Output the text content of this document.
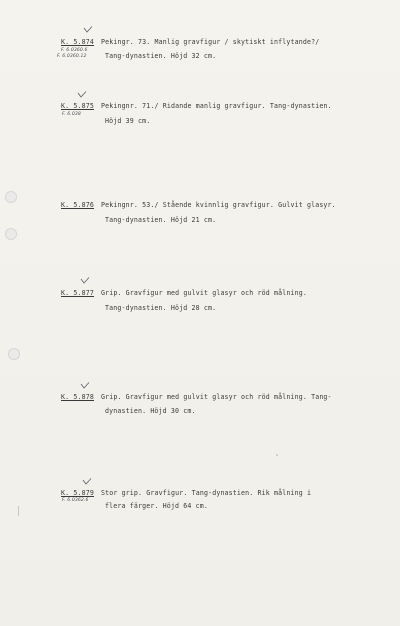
K. 5.874 Pekingr. 73. Manlig gravfigur / skytiskt inflytande?/
Tang-dynastien. Höjd 32 cm.
F. 6.0360.6
F. 6.0360.12
K. 5.875 Pekingnr. 71./ Ridande manlig gravfigur. Tang-dynastien.
Höjd 39 cm.
F. 6.038
K. 5.876 Pekingnr. 53./ Stående kvinnlig gravfigur. Gulvit glasyr.
Tang-dynastien. Höjd 21 cm.
K. 5.877 Grip. Gravfigur med gulvit glasyr och röd målning.
Tang-dynastien. Höjd 28 cm.
K. 5.878 Grip. Gravfigur med gulvit glasyr och röd målning. Tang-
dynastien. Höjd 30 cm.
K. 5.879 Stor grip. Gravfigur. Tang-dynastien. Rik målning i
flera färger. Höjd 64 cm.
F. 6.0362.6
